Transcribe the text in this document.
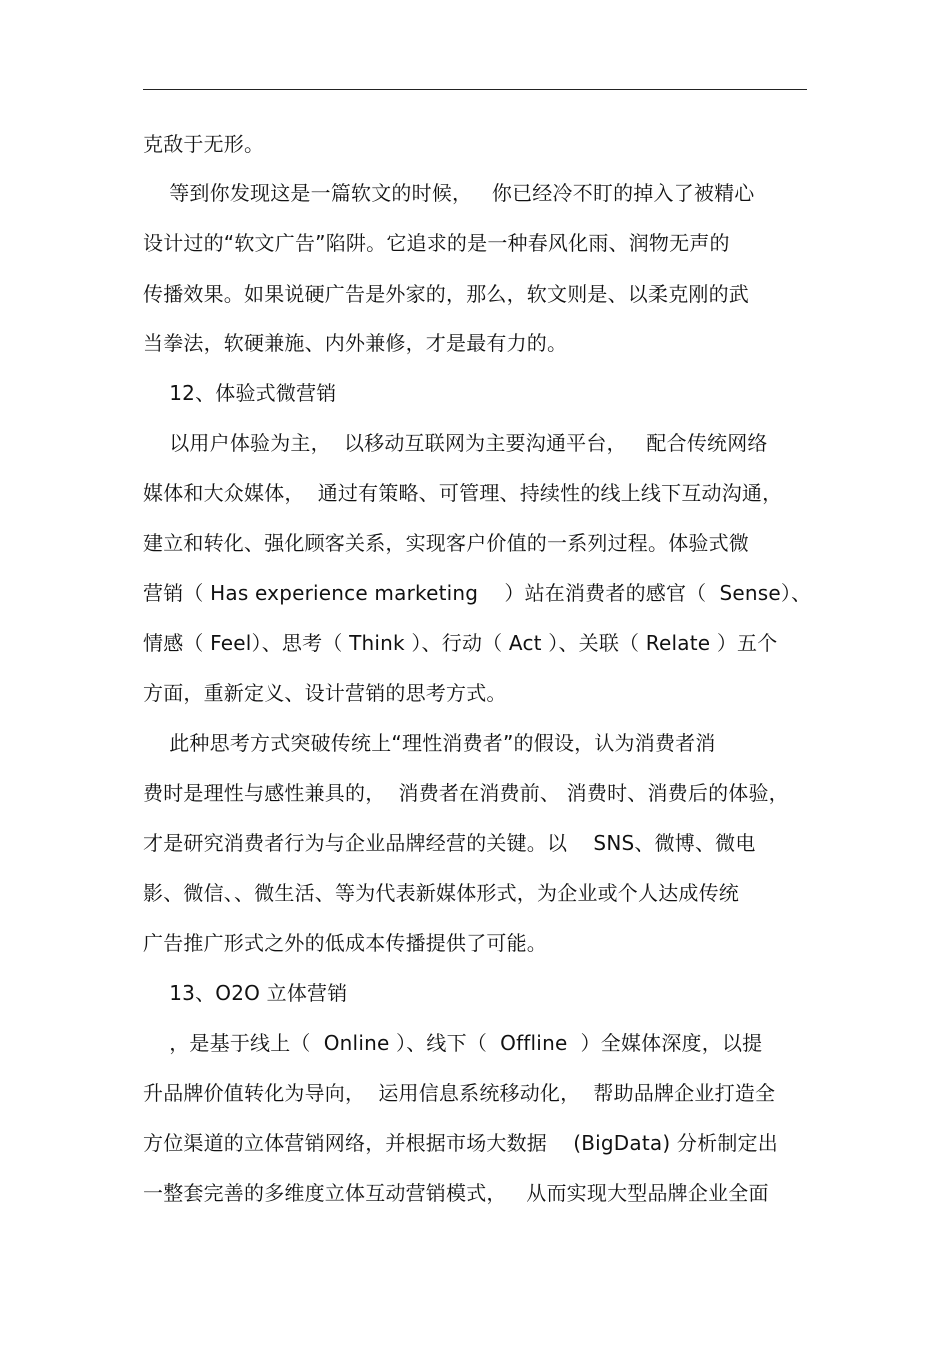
克敌于无形。
等到你发现这是一篇软文的时候，   你已经冷不盯的掉入了被精心
设计过的“软文广告”陷阱。它追求的是一种春风化雨、润物无声的
传播效果。如果说硬广告是外家的，那么，软文则是、以柔克刚的武
当拳法，软硬兼施、内外兼修，才是最有力的。
12、体验式微营销
以用户体验为主，  以移动互联网为主要沟通平台，   配合传统网络
媒体和大众媒体，  通过有策略、可管理、持续性的线上线下互动沟通，
建立和转化、强化顾客关系，实现客户价值的一系列过程。体验式微
营销（ Has experience marketing    ）站在消费者的感官（  Sense）、
情感（ Feel）、思考（ Think ）、行动（ Act ）、关联（ Relate ）五个
方面，重新定义、设计营销的思考方式。
此种思考方式突破传统上“理性消费者”的假设，认为消费者消
费时是理性与感性兼具的，  消费者在消费前、 消费时、消费后的体验，
才是研究消费者行为与企业品牌经营的关键。以    SNS、微博、微电
影、微信、、微生活、等为代表新媒体形式，为企业或个人达成传统
广告推广形式之外的低成本传播提供了可能。
13、O2O 立体营销
，是基于线上（  Online ）、线下（  Offline  ）全媒体深度，以提
升品牌价值转化为导向，  运用信息系统移动化，  帮助品牌企业打造全
方位渠道的立体营销网络，并根据市场大数据    (BigData) 分析制定出
一整套完善的多维度立体互动营销模式，   从而实现大型品牌企业全面
